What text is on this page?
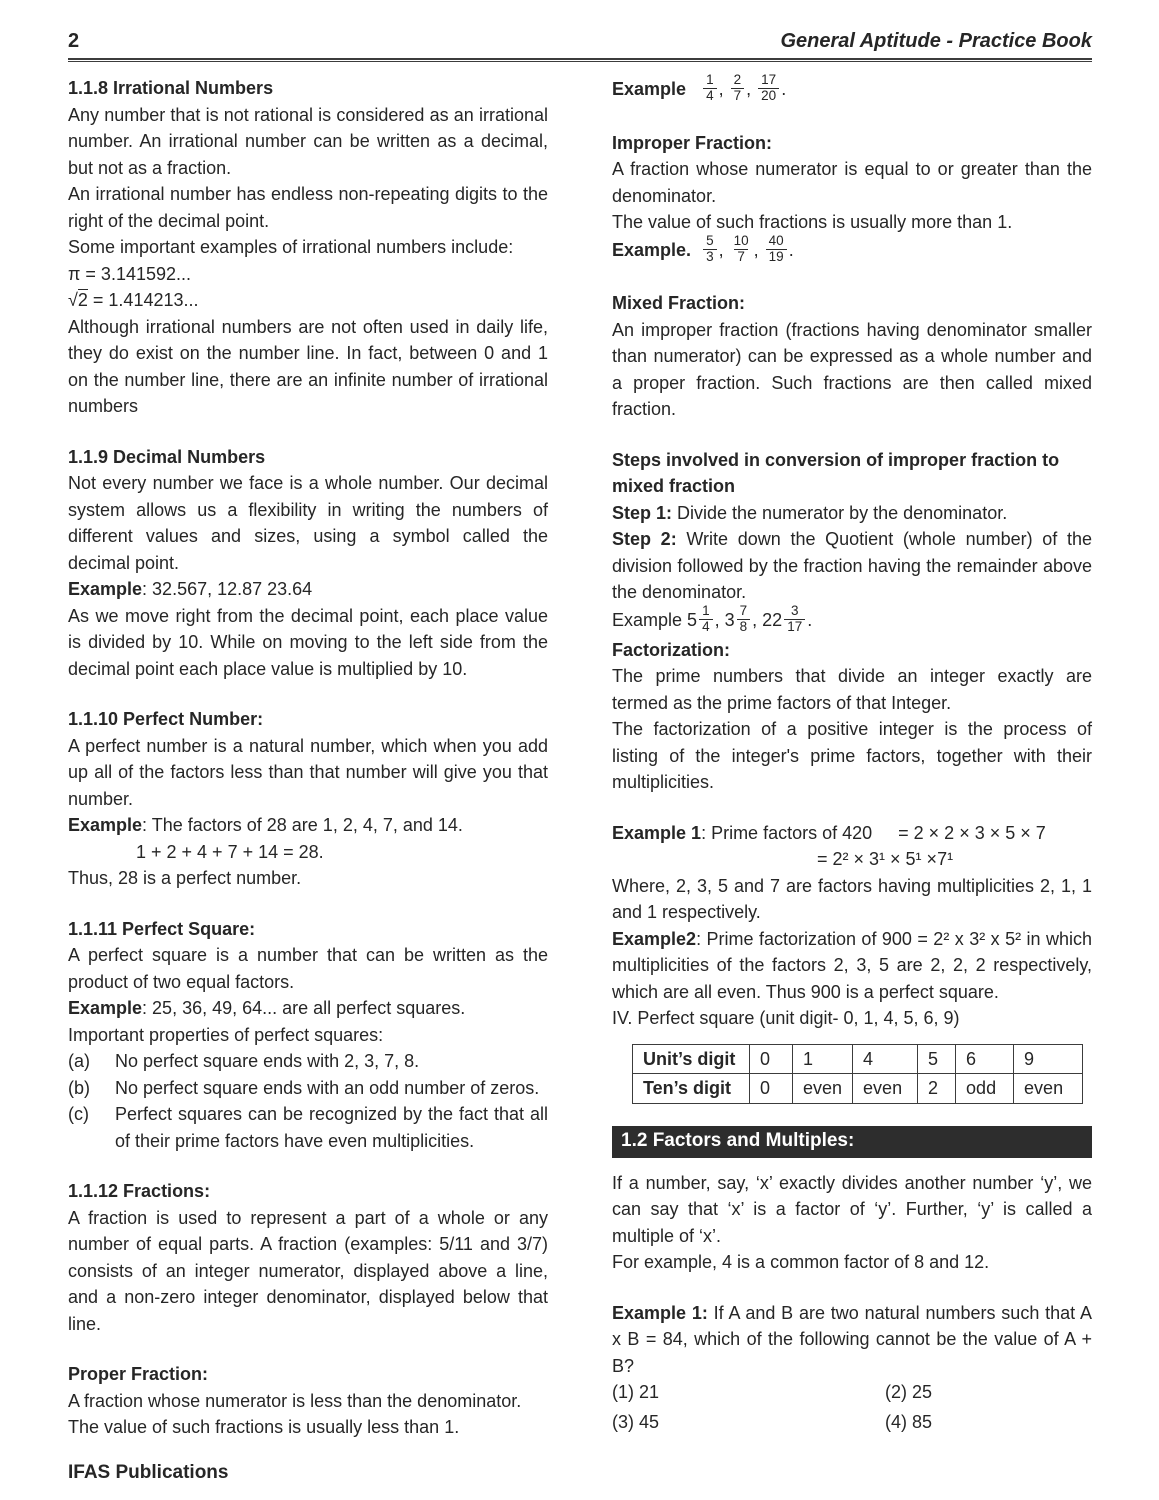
2	General Aptitude - Practice Book

1.1.8 Irrational Numbers

Any number that is not rational is considered as an irrational number. An irrational number can be written as a decimal, but not as a fraction.

An irrational number has endless non-repeating digits to the right of the decimal point.

Some important examples of irrational numbers include:

π = 3.141592...

√2 = 1.414213...

Although irrational numbers are not often used in daily life, they do exist on the number line. In fact, between 0 and 1 on the number line, there are an infinite number of irrational numbers

1.1.9 Decimal Numbers

Not every number we face is a whole number. Our decimal system allows us a flexibility in writing the numbers of different values and sizes, using a symbol called the decimal point.

Example: 32.567, 12.87 23.64

As we move right from the decimal point, each place value is divided by 10. While on moving to the left side from the decimal point each place value is multiplied by 10.

1.1.10 Perfect Number:

A perfect number is a natural number, which when you add up all of the factors less than that number will give you that number.

Example: The factors of 28 are 1, 2, 4, 7, and 14.

1 + 2 + 4 + 7 + 14 = 28.

Thus, 28 is a perfect number.

1.1.11 Perfect Square:

A perfect square is a number that can be written as the product of two equal factors.

Example: 25, 36, 49, 64... are all perfect squares.

Important properties of perfect squares:

(a)	No perfect square ends with 2, 3, 7, 8.
(b)	No perfect square ends with an odd number of zeros.
(c)	Perfect squares can be recognized by the fact that all of their prime factors have even multiplicities.

1.1.12 Fractions:

A fraction is used to represent a part of a whole or any number of equal parts. A fraction (examples: 5/11 and 3/7) consists of an integer numerator, displayed above a line, and a non-zero integer denominator, displayed below that line.

Proper Fraction:

A fraction whose numerator is less than the denominator.

The value of such fractions is usually less than 1.

Example $\frac{1}{4}$ , $\frac{2}{7}$ , $\frac{17}{20}$ .

Improper Fraction:

A fraction whose numerator is equal to or greater than the denominator.

The value of such fractions is usually more than 1.

Example. $\frac{5}{3}$ , $\frac{10}{7}$ , $\frac{40}{19}$ .

Mixed Fraction:

An improper fraction (fractions having denominator smaller than numerator) can be expressed as a whole number and a proper fraction. Such fractions are then called mixed fraction.

Steps involved in conversion of improper fraction to mixed fraction

Step 1: Divide the numerator by the denominator.

Step 2: Write down the Quotient (whole number) of the division followed by the fraction having the remainder above the denominator.

Example $5 \frac{1}{4}$ , $3 \frac{7}{8}$ , $22 \frac{3}{17}$ .

Factorization:

The prime numbers that divide an integer exactly are termed as the prime factors of that Integer.

The factorization of a positive integer is the process of listing of the integer's prime factors, together with their multiplicities.

Example 1: Prime factors of 420 = 2 × 2 × 3 × 5 × 7

= 2² × 3¹ × 5¹ ×7¹

Where, 2, 3, 5 and 7 are factors having multiplicities 2, 1, 1 and 1 respectively.

Example2: Prime factorization of 900 = 2² x 3² x 5² in which multiplicities of the factors 2, 3, 5 are 2, 2, 2 respectively, which are all even. Thus 900 is a perfect square.

IV. Perfect square (unit digit- 0, 1, 4, 5, 6, 9)

Unit’s digit	0	1	4	5	6	9
Ten’s digit	0	even	even	2	odd	even
1.2 Factors and Multiples:

If a number, say, ‘x’ exactly divides another number ‘y’, we can say that ‘x’ is a factor of ‘y’. Further, ‘y’ is called a multiple of ‘x’.

For example, 4 is a common factor of 8 and 12.

Example 1: If A and B are two natural numbers such that A x B = 84, which of the following cannot be the value of A + B?

(1) 21	(2) 25
(3) 45	(4) 85
IFAS Publications
